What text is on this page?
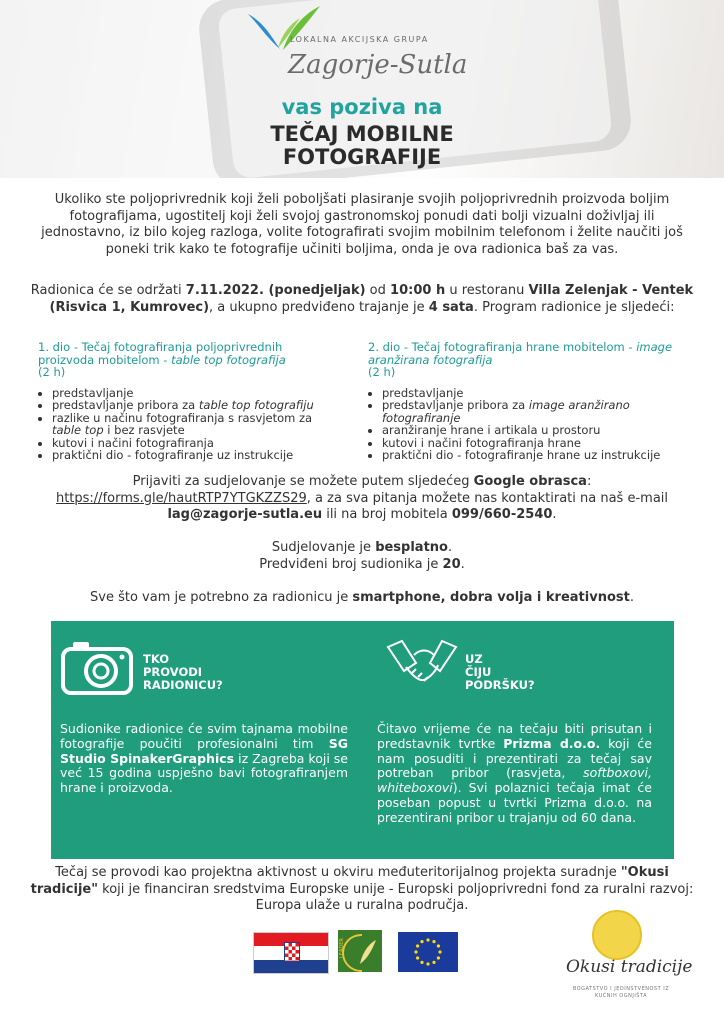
LOKALNA AKCIJSKA GRUPA
Zagorje-Sutla
vas poziva na
TEČAJ MOBILNE
FOTOGRAFIJE
Ukoliko ste poljoprivrednik koji želi poboljšati plasiranje svojih poljoprivrednih proizvoda boljim fotografijama, ugostitelj koji želi svojoj gastronomskoj ponudi dati bolji vizualni doživljaj ili jednostavno, iz bilo kojeg razloga, volite fotografirati svojim mobilnim telefonom i želite naučiti još poneki trik kako te fotografije učiniti boljima, onda je ova radionica baš za vas.
Radionica će se održati 7.11.2022. (ponedjeljak) od 10:00 h u restoranu Villa Zelenjak - Ventek (Risvica 1, Kumrovec), a ukupno predviđeno trajanje je 4 sata. Program radionice je sljedeći:
1. dio - Tečaj fotografiranja poljoprivrednih proizvoda mobitelom - table top fotografija
(2 h)
• predstavljanje
• predstavljanje pribora za table top fotografiju
• razlike u načinu fotografiranja s rasvjetom za table top i bez rasvjete
• kutovi i načini fotografiranja
• praktični dio - fotografiranje uz instrukcije
2. dio - Tečaj fotografiranja hrane mobitelom - image aranžirana fotografija
(2 h)
• predstavljanje
• predstavljanje pribora za image aranžirano fotografiranje
• aranžiranje hrane i artikala u prostoru
• kutovi i načini fotografiranja hrane
• praktični dio - fotografiranje hrane uz instrukcije
Prijaviti za sudjelovanje se možete putem sljedećeg Google obrasca: https://forms.gle/hautRTP7YTGKZZS29, a za sva pitanja možete nas kontaktirati na naš e-mail lag@zagorje-sutla.eu ili na broj mobitela 099/660-2540.
Sudjelovanje je besplatno.
Predviđeni broj sudionika je 20.
Sve što vam je potrebno za radionicu je smartphone, dobra volja i kreativnost.
TKO
PROVODI
RADIONICU?
UZ
ČIJU
PODRŠKU?
Sudionike radionice će svim tajnama mobilne fotografije poučiti profesionalni tim SG Studio SpinakerGraphics iz Zagreba koji se već 15 godina uspješno bavi fotografiranjem hrane i proizvoda.
Čitavo vrijeme će na tečaju biti prisutan i predstavnik tvrtke Prizma d.o.o. koji će nam posuditi i prezentirati za tečaj sav potreban pribor (rasvjeta, softboxovi, whiteboxovi). Svi polaznici tečaja imat će poseban popust u tvrtki Prizma d.o.o. na prezentirani pribor u trajanju od 60 dana.
Tečaj se provodi kao projektna aktivnost u okviru međuteritorijalnog projekta suradnje "Okusi tradicije" koji je financiran sredstvima Europske unije - Europski poljoprivredni fond za ruralni razvoj: Europa ulaže u ruralna područja.
LEADER
Okusi tradicije
BOGATSTVO I JEDINSTVENOST IZ KUĆNIH OGNJIŠTA
